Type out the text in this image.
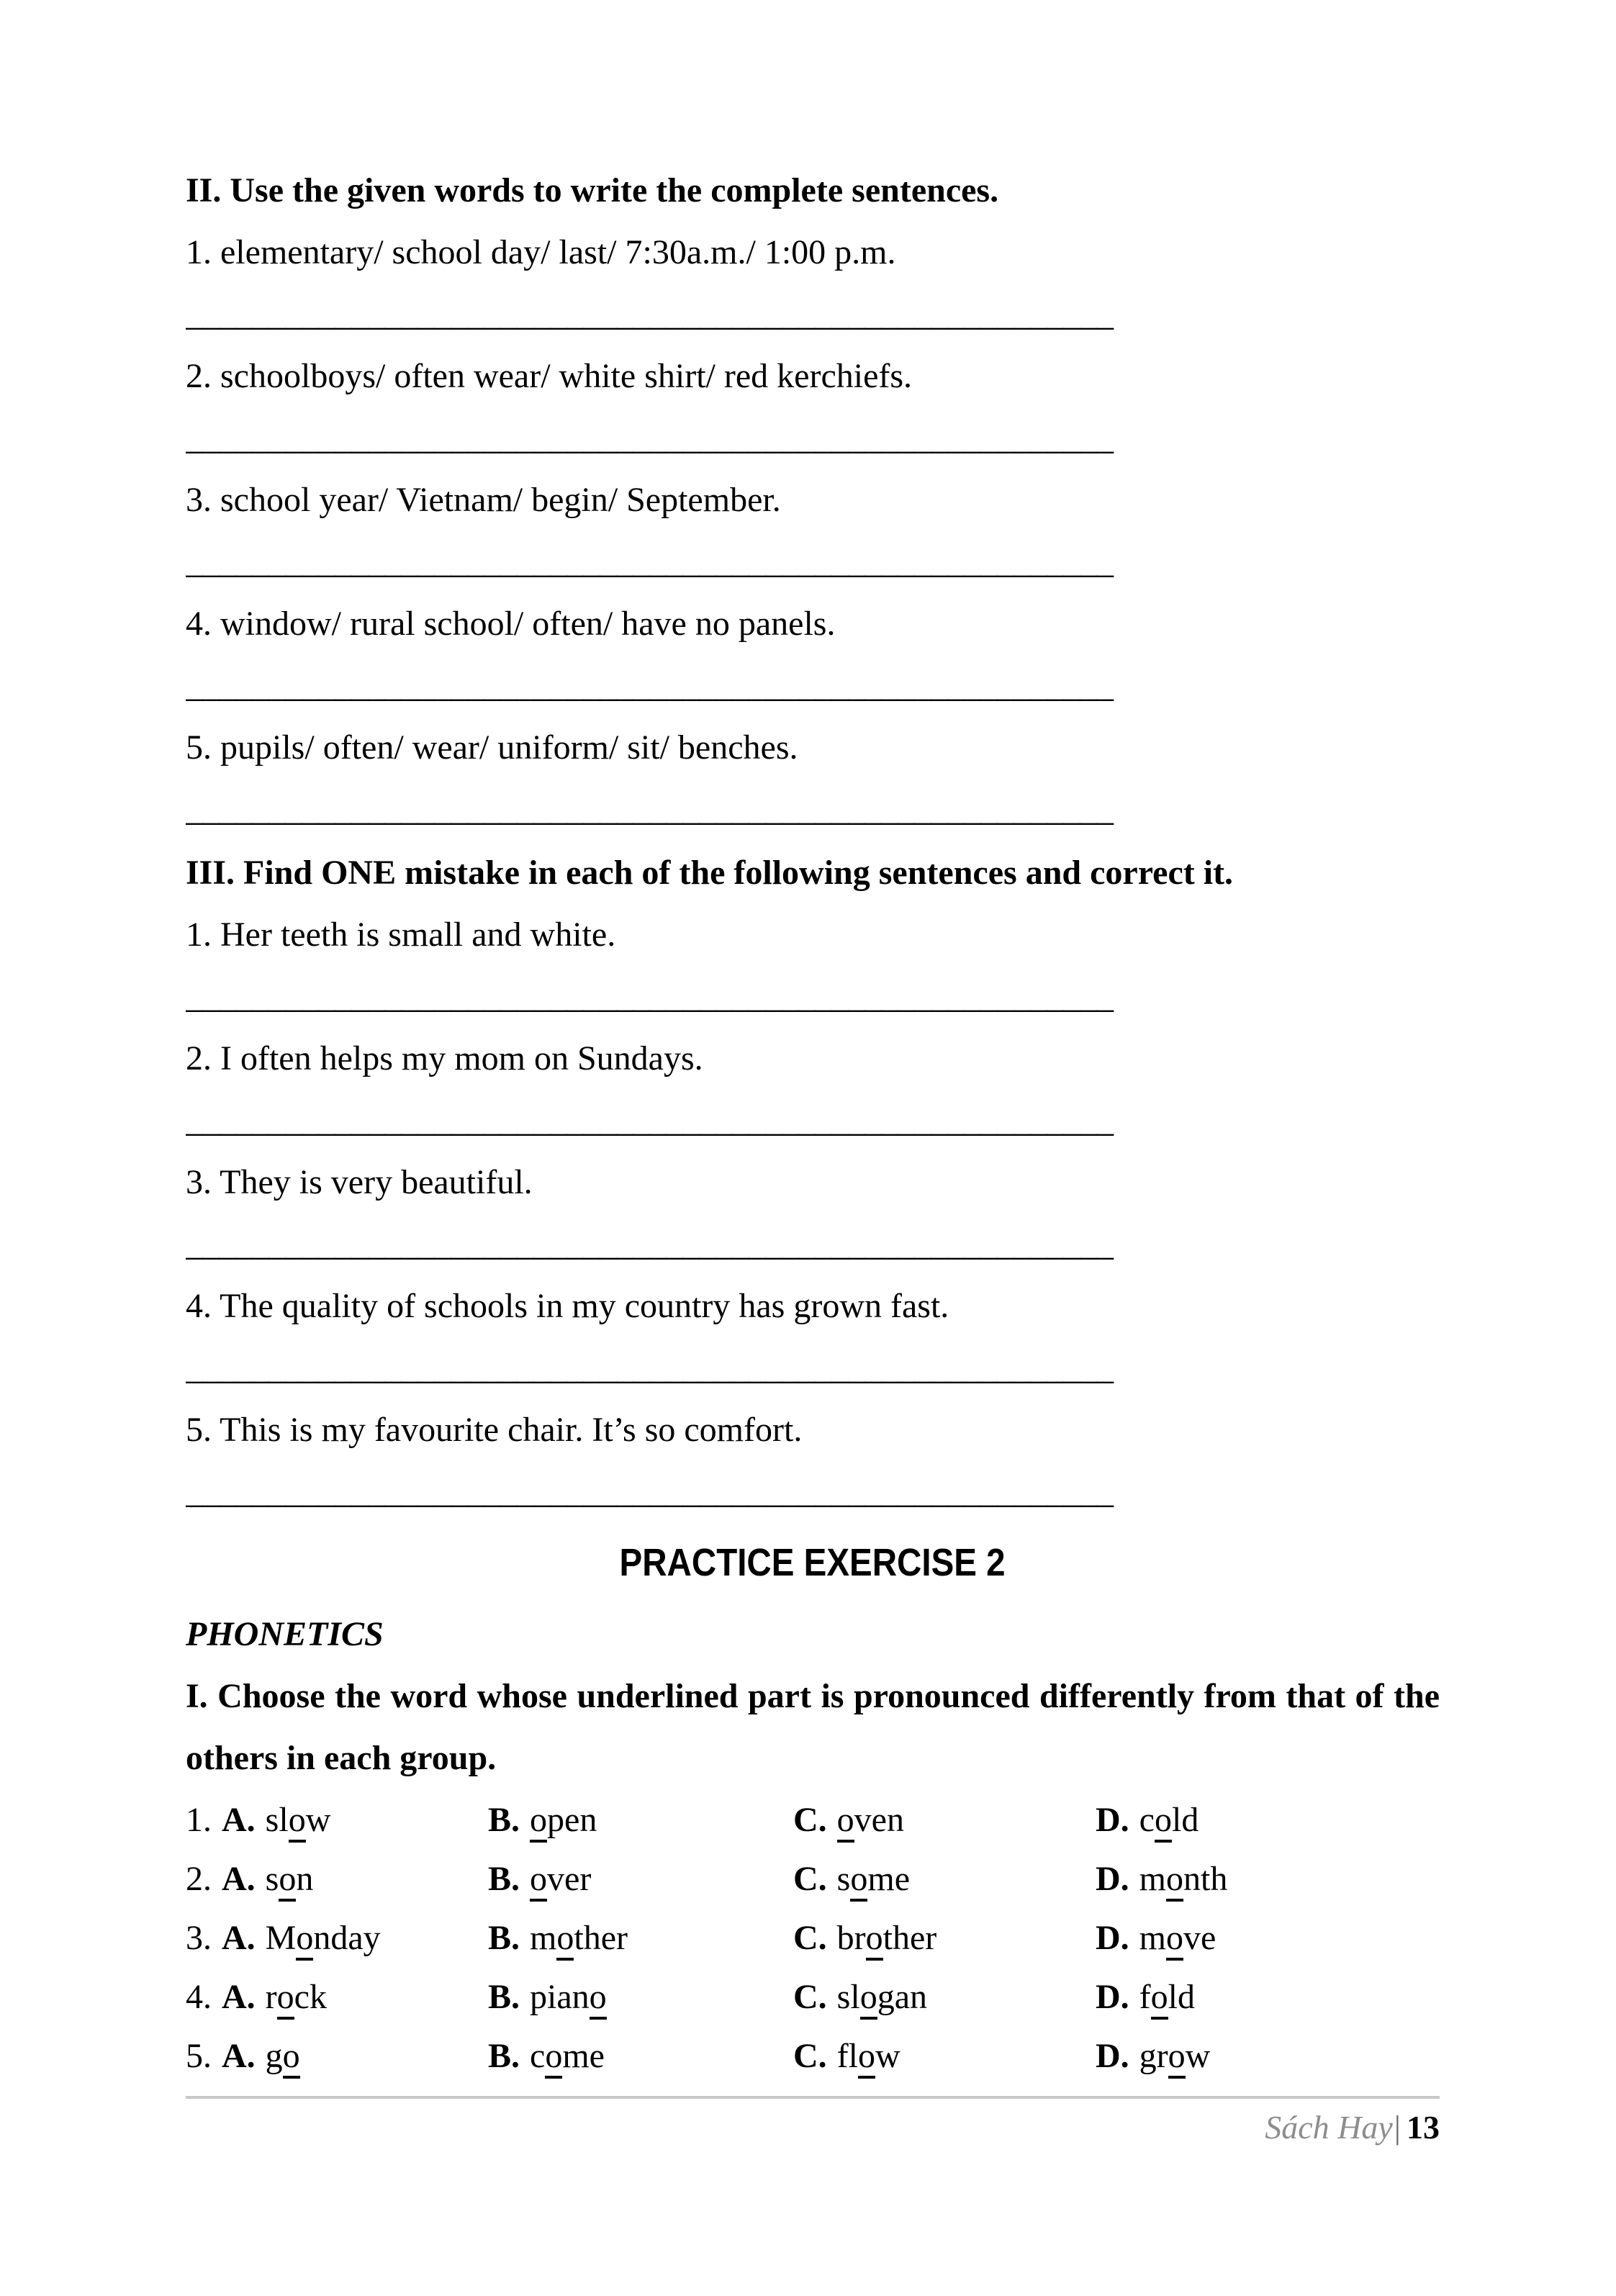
II. Use the given words to write the complete sentences.

1. elementary/ school day/ last/ 7:30a.m./ 1:00 p.m.

________________________________________________________

2. schoolboys/ often wear/ white shirt/ red kerchiefs.

________________________________________________________

3. school year/ Vietnam/ begin/ September.

________________________________________________________

4. window/ rural school/ often/ have no panels.

________________________________________________________

5. pupils/ often/ wear/ uniform/ sit/ benches.

________________________________________________________

III. Find ONE mistake in each of the following sentences and correct it.

1. Her teeth is small and white.

________________________________________________________

2. I often helps my mom on Sundays.

________________________________________________________

3. They is very beautiful.

________________________________________________________

4. The quality of schools in my country has grown fast.

________________________________________________________

5. This is my favourite chair. It’s so comfort.

________________________________________________________

PRACTICE EXERCISE 2

PHONETICS

I. Choose the word whose underlined part is pronounced differently from that of the others in each group.

1. A. slow	B. open	C. oven	D. cold
2. A. son	B. over	C. some	D. month
3. A. Monday	B. mother	C. brother	D. move
4. A. rock	B. piano	C. slogan	D. fold
5. A. go	B. come	C. flow	D. grow
Sách Hay| 13
